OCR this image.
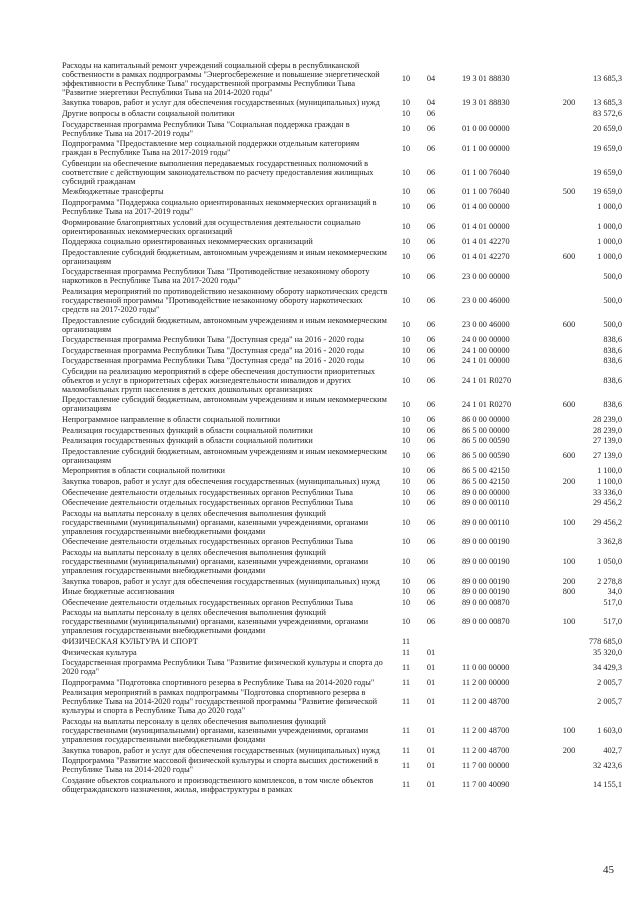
Расходы на капитальный ремонт учреждений социальной сферы в республиканской собственности в рамках подпрограммы "Энергосбережение и повышение энергетической эффективности в Республике Тыва" государственной программы Республики Тыва "Развитие энергетики Республики Тыва на 2014-2020 годы"	10	04	19 3 01 88830		13 685,3
Закупка товаров, работ и услуг для обеспечения государственных (муниципальных) нужд	10	04	19 3 01 88830	200	13 685,3
Другие вопросы в области социальной политики	10	06			83 572,6
Государственная программа Республики Тыва "Социальная поддержка граждан в Республике Тыва на 2017-2019 годы"	10	06	01 0 00 00000		20 659,0
Подпрограмма "Предоставление мер социальной поддержки отдельным категориям граждан в Республике Тыва на 2017-2019 годы"	10	06	01 1 00 00000		19 659,0
Субвенции на обеспечение выполнения передаваемых государственных полномочий в соответствие с действующим законодательством по расчету предоставления жилищных субсидий гражданам	10	06	01 1 00 76040		19 659,0
Межбюджетные трансферты	10	06	01 1 00 76040	500	19 659,0
Подпрограмма "Поддержка социально ориентированных некоммерческих организаций в Республике Тыва на 2017-2019 годы"	10	06	01 4 00 00000		1 000,0
Формирование благоприятных условий для осуществления деятельности социально ориентированных некоммерческих организаций	10	06	01 4 01 00000		1 000,0
Поддержка социально ориентированных некоммерческих организаций	10	06	01 4 01 42270		1 000,0
Предоставление субсидий бюджетным, автономным учреждениям и иным некоммерческим организациям	10	06	01 4 01 42270	600	1 000,0
Государственная программа Республики Тыва "Противодействие незаконному обороту наркотиков в Республике Тыва на 2017-2020 годы"	10	06	23 0 00 00000		500,0
Реализация мероприятий по противодействию незаконному обороту наркотических средств государственной программы "Противодействие незаконному обороту наркотических средств на 2017-2020 годы"	10	06	23 0 00 46000		500,0
Предоставление субсидий бюджетным, автономным учреждениям и иным некоммерческим организациям	10	06	23 0 00 46000	600	500,0
Государственная программа Республики Тыва "Доступная среда" на 2016 - 2020 годы	10	06	24 0 00 00000		838,6
Государственная программа Республики Тыва "Доступная среда" на 2016 - 2020 годы	10	06	24 1 00 00000		838,6
Государственная программа Республики Тыва "Доступная среда" на 2016 - 2020 годы	10	06	24 1 01 00000		838,6
Субсидии на реализацию мероприятий в сфере обеспечения доступности приоритетных объектов и услуг в приоритетных сферах жизнедеятельности инвалидов и других маломобильных групп населения в детских дошкольных организациях	10	06	24 1 01 R0270		838,6
Предоставление субсидий бюджетным, автономным учреждениям и иным некоммерческим организациям	10	06	24 1 01 R0270	600	838,6
Непрограммное направление в области социальной политики	10	06	86 0 00 00000		28 239,0
Реализация государственных функций в области социальной политики	10	06	86 5 00 00000		28 239,0
Реализация государственных функций в области социальной политики	10	06	86 5 00 00590		27 139,0
Предоставление субсидий бюджетным, автономным учреждениям и иным некоммерческим организациям	10	06	86 5 00 00590	600	27 139,0
Мероприятия в области социальной политики	10	06	86 5 00 42150		1 100,0
Закупка товаров, работ и услуг для обеспечения государственных (муниципальных) нужд	10	06	86 5 00 42150	200	1 100,0
Обеспечение деятельности отдельных государственных органов Республики Тыва	10	06	89 0 00 00000		33 336,0
Обеспечение деятельности отдельных государственных органов Республики Тыва	10	06	89 0 00 00110		29 456,2
Расходы на выплаты персоналу в целях обеспечения выполнения функций государственными (муниципальными) органами, казенными учреждениями, органами управления государственными внебюджетными фондами	10	06	89 0 00 00110	100	29 456,2
Обеспечение деятельности отдельных государственных органов Республики Тыва	10	06	89 0 00 00190		3 362,8
Расходы на выплаты персоналу в целях обеспечения выполнения функций государственными (муниципальными) органами, казенными учреждениями, органами управления государственными внебюджетными фондами	10	06	89 0 00 00190	100	1 050,0
Закупка товаров, работ и услуг для обеспечения государственных (муниципальных) нужд	10	06	89 0 00 00190	200	2 278,8
Иные бюджетные ассигнования	10	06	89 0 00 00190	800	34,0
Обеспечение деятельности отдельных государственных органов Республики Тыва	10	06	89 0 00 00870		517,0
Расходы на выплаты персоналу в целях обеспечения выполнения функций государственными (муниципальными) органами, казенными учреждениями, органами управления государственными внебюджетными фондами	10	06	89 0 00 00870	100	517,0
ФИЗИЧЕСКАЯ КУЛЬТУРА И СПОРТ	11				778 685,0
Физическая культура	11	01			35 320,0
Государственная программа Республики Тыва "Развитие физической культуры и спорта до 2020 года"	11	01	11 0 00 00000		34 429,3
Подпрограмма "Подготовка спортивного резерва в Республике Тыва на 2014-2020 годы"	11	01	11 2 00 00000		2 005,7
Реализация мероприятий в рамках подпрограммы "Подготовка спортивного резерва в Республике Тыва на 2014-2020 годы" государственной программы "Развитие физической культуры и спорта в Республике Тыва до 2020 года"	11	01	11 2 00 48700		2 005,7
Расходы на выплаты персоналу в целях обеспечения выполнения функций государственными (муниципальными) органами, казенными учреждениями, органами управления государственными внебюджетными фондами	11	01	11 2 00 48700	100	1 603,0
Закупка товаров, работ и услуг для обеспечения государственных (муниципальных) нужд	11	01	11 2 00 48700	200	402,7
Подпрограмма "Развитие массовой физической культуры и спорта высших достижений в Республике Тыва на 2014-2020 годы"	11	01	11 7 00 00000		32 423,6
Создание объектов социального и производственного комплексов, в том числе объектов общегражданского назначения, жилья, инфраструктуры в рамках	11	01	11 7 00 40090		14 155,1
45
